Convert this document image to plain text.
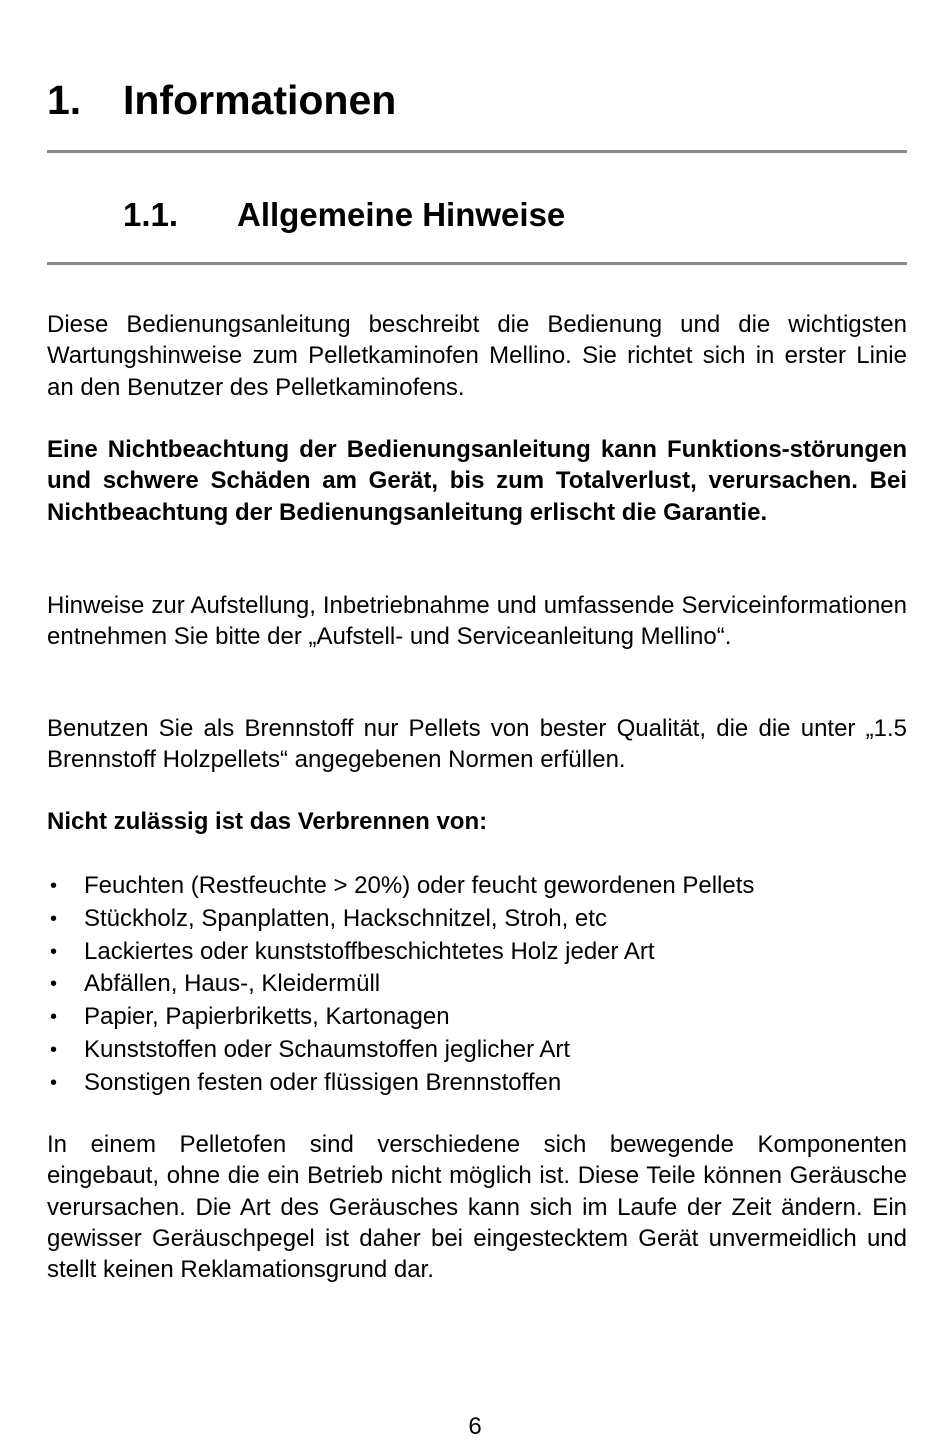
1. Informationen
1.1. Allgemeine Hinweise

Diese Bedienungsanleitung beschreibt die Bedienung und die wichtigsten Wartungshinweise zum Pelletkaminofen Mellino. Sie richtet sich in erster Linie an den Benutzer des Pelletkaminofens.

Eine Nichtbeachtung der Bedienungsanleitung kann Funktions-störungen und schwere Schäden am Gerät, bis zum Totalverlust, verursachen. Bei Nichtbeachtung der Bedienungsanleitung erlischt die Garantie.

Hinweise zur Aufstellung, Inbetriebnahme und umfassende Serviceinformationen entnehmen Sie bitte der „Aufstell- und Serviceanleitung Mellino“.

Benutzen Sie als Brennstoff nur Pellets von bester Qualität, die die unter „1.5 Brennstoff Holzpellets“ angegebenen Normen erfüllen.

Nicht zulässig ist das Verbrennen von:

• Feuchten (Restfeuchte > 20%) oder feucht gewordenen Pellets
• Stückholz, Spanplatten, Hackschnitzel, Stroh, etc
• Lackiertes oder kunststoffbeschichtetes Holz jeder Art
• Abfällen, Haus-, Kleidermüll
• Papier, Papierbriketts, Kartonagen
• Kunststoffen oder Schaumstoffen jeglicher Art
• Sonstigen festen oder flüssigen Brennstoffen

In einem Pelletofen sind verschiedene sich bewegende Komponenten eingebaut, ohne die ein Betrieb nicht möglich ist. Diese Teile können Geräusche verursachen. Die Art des Geräusches kann sich im Laufe der Zeit ändern. Ein gewisser Geräuschpegel ist daher bei eingestecktem Gerät unvermeidlich und stellt keinen Reklamationsgrund dar.

6
